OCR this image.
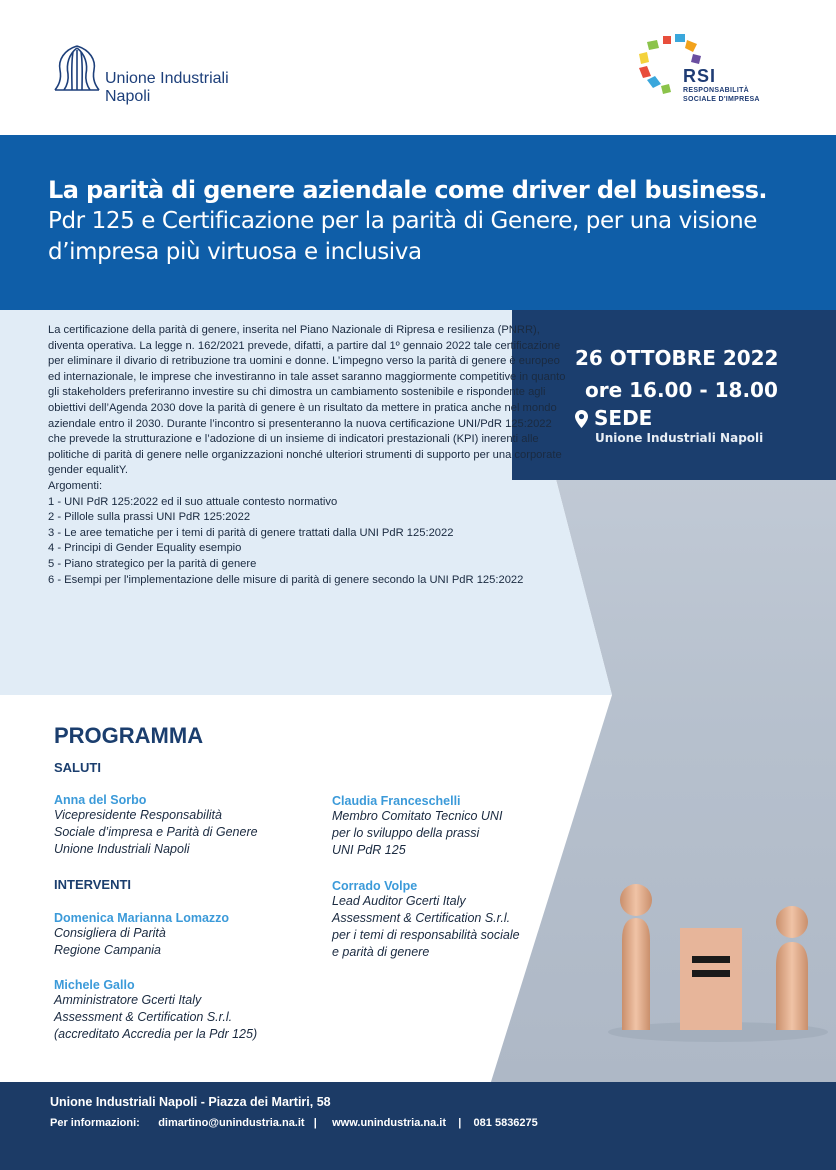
Unione Industriali
Napoli
RSI
RESPONSABILITÀ
SOCIALE D'IMPRESA
La parità di genere aziendale come driver del business.
Pdr 125 e Certificazione per la parità di Genere, per una visione d’impresa più virtuosa e inclusiva
26 OTTOBRE 2022
ore 16.00 - 18.00
SEDE
Unione Industriali Napoli

La certificazione della parità di genere, inserita nel Piano Nazionale di Ripresa e resilienza (PNRR), diventa operativa. La legge n. 162/2021 prevede, difatti, a partire dal 1º gennaio 2022 tale certificazione per eliminare il divario di retribuzione tra uomini e donne. L’impegno verso la parità di genere è europeo ed internazionale, le imprese che investiranno in tale asset saranno maggiormente competitive in quanto gli stakeholders preferiranno investire su chi dimostra un cambiamento sostenibile e rispondente agli obiettivi dell’Agenda 2030 dove la parità di genere è un risultato da mettere in pratica anche nel mondo aziendale entro il 2030. Durante l’incontro si presenteranno la nuova certificazione UNI/PdR 125:2022 che prevede la strutturazione e l’adozione di un insieme di indicatori prestazionali (KPI) inerenti alle politiche di parità di genere nelle organizzazioni nonché ulteriori strumenti di supporto per una corporate gender equalitY.

Argomenti:

1 - UNI PdR 125:2022 ed il suo attuale contesto normativo
2 - Pillole sulla prassi UNI PdR 125:2022
3 - Le aree tematiche per i temi di parità di genere trattati dalla UNI PdR 125:2022
4 - Principi di Gender Equality esempio
5 - Piano strategico per la parità di genere
6 - Esempi per l'implementazione delle misure di parità di genere secondo la UNI PdR 125:2022
PROGRAMMA
SALUTI
Anna del Sorbo
Vicepresidente Responsabilità
Sociale d’impresa e Parità di Genere
Unione Industriali Napoli
Claudia Franceschelli
Membro Comitato Tecnico UNI
per lo sviluppo della prassi
UNI PdR 125
INTERVENTI
Domenica Marianna Lomazzo
Consigliera di Parità
Regione Campania
Corrado Volpe
Lead Auditor Gcerti Italy
Assessment & Certification S.r.l.
per i temi di responsabilità sociale
e parità di genere
Michele Gallo
Amministratore Gcerti Italy
Assessment & Certification S.r.l.
(accreditato Accredia per la Pdr 125)
Unione Industriali Napoli - Piazza dei Martiri, 58
Per informazioni: dimartino@unindustria.na.it | www.unindustria.na.it | 081 5836275
